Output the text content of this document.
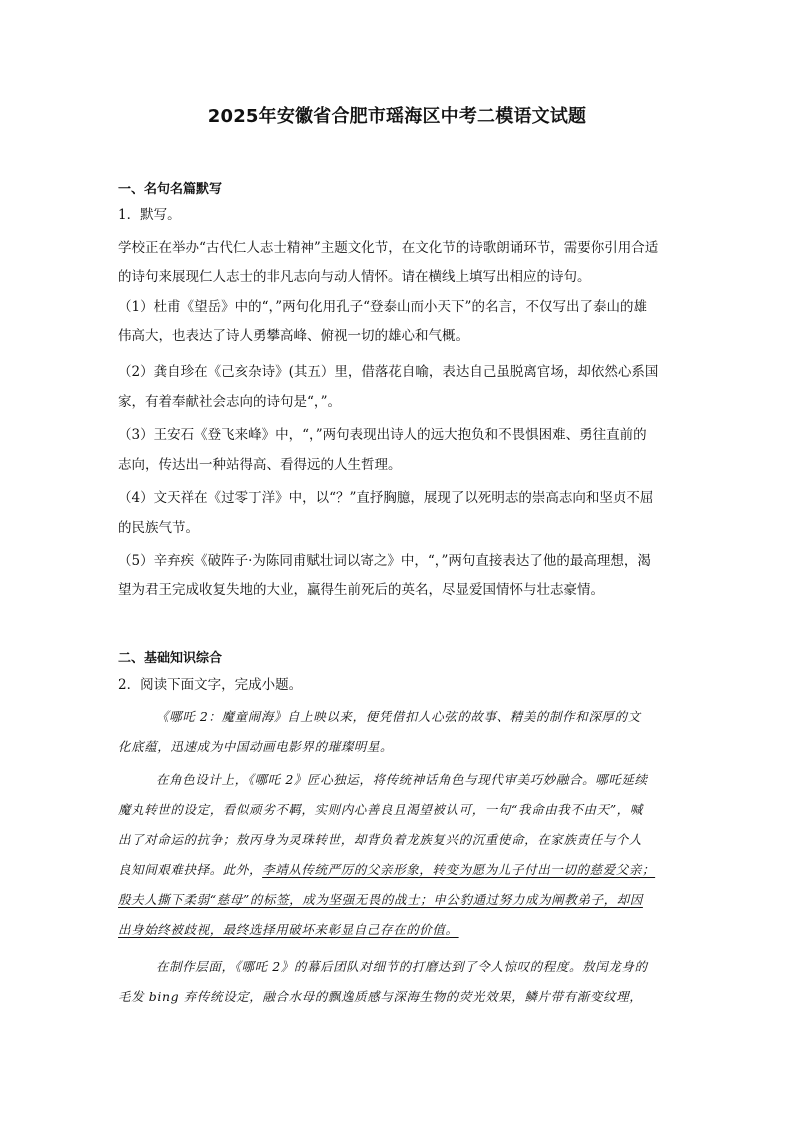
2025年安徽省合肥市瑶海区中考二模语文试题
一、名句名篇默写
1．默写。
学校正在举办“古代仁人志士精神”主题文化节，在文化节的诗歌朗诵环节，需要你引用合适
的诗句来展现仁人志士的非凡志向与动人情怀。请在横线上填写出相应的诗句。
（1）杜甫《望岳》中的“，”两句化用孔子“登泰山而小天下”的名言，不仅写出了泰山的雄
伟高大，也表达了诗人勇攀高峰、俯视一切的雄心和气概。
（2）龚自珍在《己亥杂诗》(其五）里，借落花自喻，表达自己虽脱离官场，却依然心系国
家，有着奉献社会志向的诗句是“，”。
（3）王安石《登飞来峰》中，“，”两句表现出诗人的远大抱负和不畏惧困难、勇往直前的
志向，传达出一种站得高、看得远的人生哲理。
（4）文天祥在《过零丁洋》中，以“？”直抒胸臆，展现了以死明志的崇高志向和坚贞不屈
的民族气节。
（5）辛弃疾《破阵子·为陈同甫赋壮词以寄之》中，“，”两句直接表达了他的最高理想，渴
望为君王完成收复失地的大业，赢得生前死后的英名，尽显爱国情怀与壮志豪情。
二、基础知识综合
2．阅读下面文字，完成小题。
《哪吒 2：魔童闹海》自上映以来，便凭借扣人心弦的故事、精美的制作和深厚的文
化底蕴，迅速成为中国动画电影界的璀璨明星。
在角色设计上，《哪吒 2》匠心独运，将传统神话角色与现代审美巧妙融合。哪吒延续
魔丸转世的设定，看似顽劣不羁，实则内心善良且渴望被认可，一句“我命由我不由天”，喊
出了对命运的抗争；敖丙身为灵珠转世，却背负着龙族复兴的沉重使命，在家族责任与个人
良知间艰难抉择。此外，李靖从传统严厉的父亲形象，转变为愿为儿子付出一切的慈爱父亲；
殷夫人撕下柔弱“慈母”的标签，成为坚强无畏的战士；申公豹通过努力成为阐教弟子，却因
出身始终被歧视，最终选择用破坏来彰显自己存在的价值。
在制作层面，《哪吒 2》的幕后团队对细节的打磨达到了令人惊叹的程度。敖闰龙身的
毛发 bing 弃传统设定，融合水母的飘逸质感与深海生物的荧光效果，鳞片带有渐变纹理，
